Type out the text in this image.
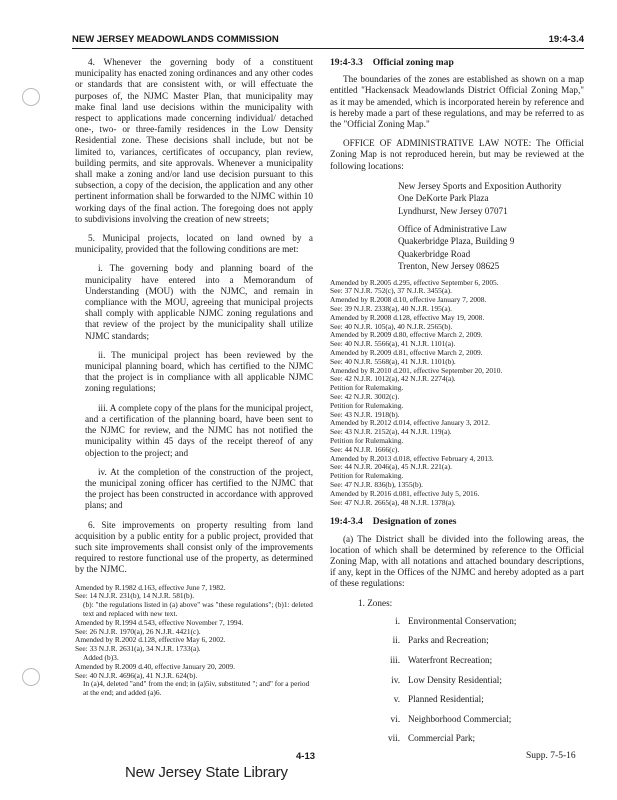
NEW JERSEY MEADOWLANDS COMMISSION	19:4-3.4

4. Whenever the governing body of a constituent municipality has enacted zoning ordinances and any other codes or standards that are consistent with, or will effectuate the purposes of, the NJMC Master Plan, that municipality may make final land use decisions within the municipality with respect to applications made concerning individual/ detached one-, two- or three-family residences in the Low Density Residential zone. These decisions shall include, but not be limited to, variances, certificates of occupancy, plan review, building permits, and site approvals. Whenever a municipality shall make a zoning and/or land use decision pursuant to this subsection, a copy of the decision, the application and any other pertinent information shall be forwarded to the NJMC within 10 working days of the final action. The foregoing does not apply to subdivisions involving the creation of new streets;

5. Municipal projects, located on land owned by a municipality, provided that the following conditions are met:

i. The governing body and planning board of the municipality have entered into a Memorandum of Understanding (MOU) with the NJMC, and remain in compliance with the MOU, agreeing that municipal projects shall comply with applicable NJMC zoning regulations and that review of the project by the municipality shall utilize NJMC standards;

ii. The municipal project has been reviewed by the municipal planning board, which has certified to the NJMC that the project is in compliance with all applicable NJMC zoning regulations;

iii. A complete copy of the plans for the municipal project, and a certification of the planning board, have been sent to the NJMC for review, and the NJMC has not notified the municipality within 45 days of the receipt thereof of any objection to the project; and

iv. At the completion of the construction of the project, the municipal zoning officer has certified to the NJMC that the project has been constructed in accordance with approved plans; and

6. Site improvements on property resulting from land acquisition by a public entity for a public project, provided that such site improvements shall consist only of the improvements required to restore functional use of the property, as determined by the NJMC.

Amended by R.1982 d.163, effective June 7, 1982.

See: 14 N.J.R. 231(b), 14 N.J.R. 581(b).

(b): "the regulations listed in (a) above" was "these regulations"; (b)1: deleted text and replaced with new text.

Amended by R.1994 d.543, effective November 7, 1994.

See: 26 N.J.R. 1970(a), 26 N.J.R. 4421(c).

Amended by R.2002 d.128, effective May 6, 2002.

See: 33 N.J.R. 2631(a), 34 N.J.R. 1733(a).

Added (b)3.

Amended by R.2009 d.40, effective January 20, 2009.

See: 40 N.J.R. 4696(a), 41 N.J.R. 624(b).

In (a)4, deleted "and" from the end; in (a)5iv, substituted "; and" for a period at the end; and added (a)6.

19:4-3.3 Official zoning map

The boundaries of the zones are established as shown on a map entitled "Hackensack Meadowlands District Official Zoning Map," as it may be amended, which is incorporated herein by reference and is hereby made a part of these regulations, and may be referred to as the "Official Zoning Map."

OFFICE OF ADMINISTRATIVE LAW NOTE: The Official Zoning Map is not reproduced herein, but may be reviewed at the following locations:

New Jersey Sports and Exposition Authority
One DeKorte Park Plaza
Lyndhurst, New Jersey 07071
Office of Administrative Law
Quakerbridge Plaza, Building 9
Quakerbridge Road
Trenton, New Jersey 08625

Amended by R.2005 d.295, effective September 6, 2005.

See: 37 N.J.R. 752(c), 37 N.J.R. 3455(a).

Amended by R.2008 d.10, effective January 7, 2008.

See: 39 N.J.R. 2338(a), 40 N.J.R. 195(a).

Amended by R.2008 d.128, effective May 19, 2008.

See: 40 N.J.R. 105(a), 40 N.J.R. 2565(b).

Amended by R.2009 d.80, effective March 2, 2009.

See: 40 N.J.R. 5566(a), 41 N.J.R. 1101(a).

Amended by R.2009 d.81, effective March 2, 2009.

See: 40 N.J.R. 5568(a), 41 N.J.R. 1101(b).

Amended by R.2010 d.201, effective September 20, 2010.

See: 42 N.J.R. 1012(a), 42 N.J.R. 2274(a).

Petition for Rulemaking.

See: 42 N.J.R. 3002(c).

Petition for Rulemaking.

See: 43 N.J.R. 1918(b).

Amended by R.2012 d.014, effective January 3, 2012.

See: 43 N.J.R. 2152(a), 44 N.J.R. 119(a).

Petition for Rulemaking.

See: 44 N.J.R. 1666(c).

Amended by R.2013 d.018, effective February 4, 2013.

See: 44 N.J.R. 2046(a), 45 N.J.R. 221(a).

Petition for Rulemaking.

See: 47 N.J.R. 836(b), 1355(b).

Amended by R.2016 d.081, effective July 5, 2016.

See: 47 N.J.R. 2665(a), 48 N.J.R. 1378(a).

19:4-3.4 Designation of zones

(a) The District shall be divided into the following areas, the location of which shall be determined by reference to the Official Zoning Map, with all notations and attached boundary descriptions, if any, kept in the Offices of the NJMC and hereby adopted as a part of these regulations:

1. Zones:
i. Environmental Conservation;
ii. Parks and Recreation;
iii. Waterfront Recreation;
iv. Low Density Residential;
v. Planned Residential;
vi. Neighborhood Commercial;
vii. Commercial Park;
4-13	Supp. 7-5-16
New Jersey State Library
